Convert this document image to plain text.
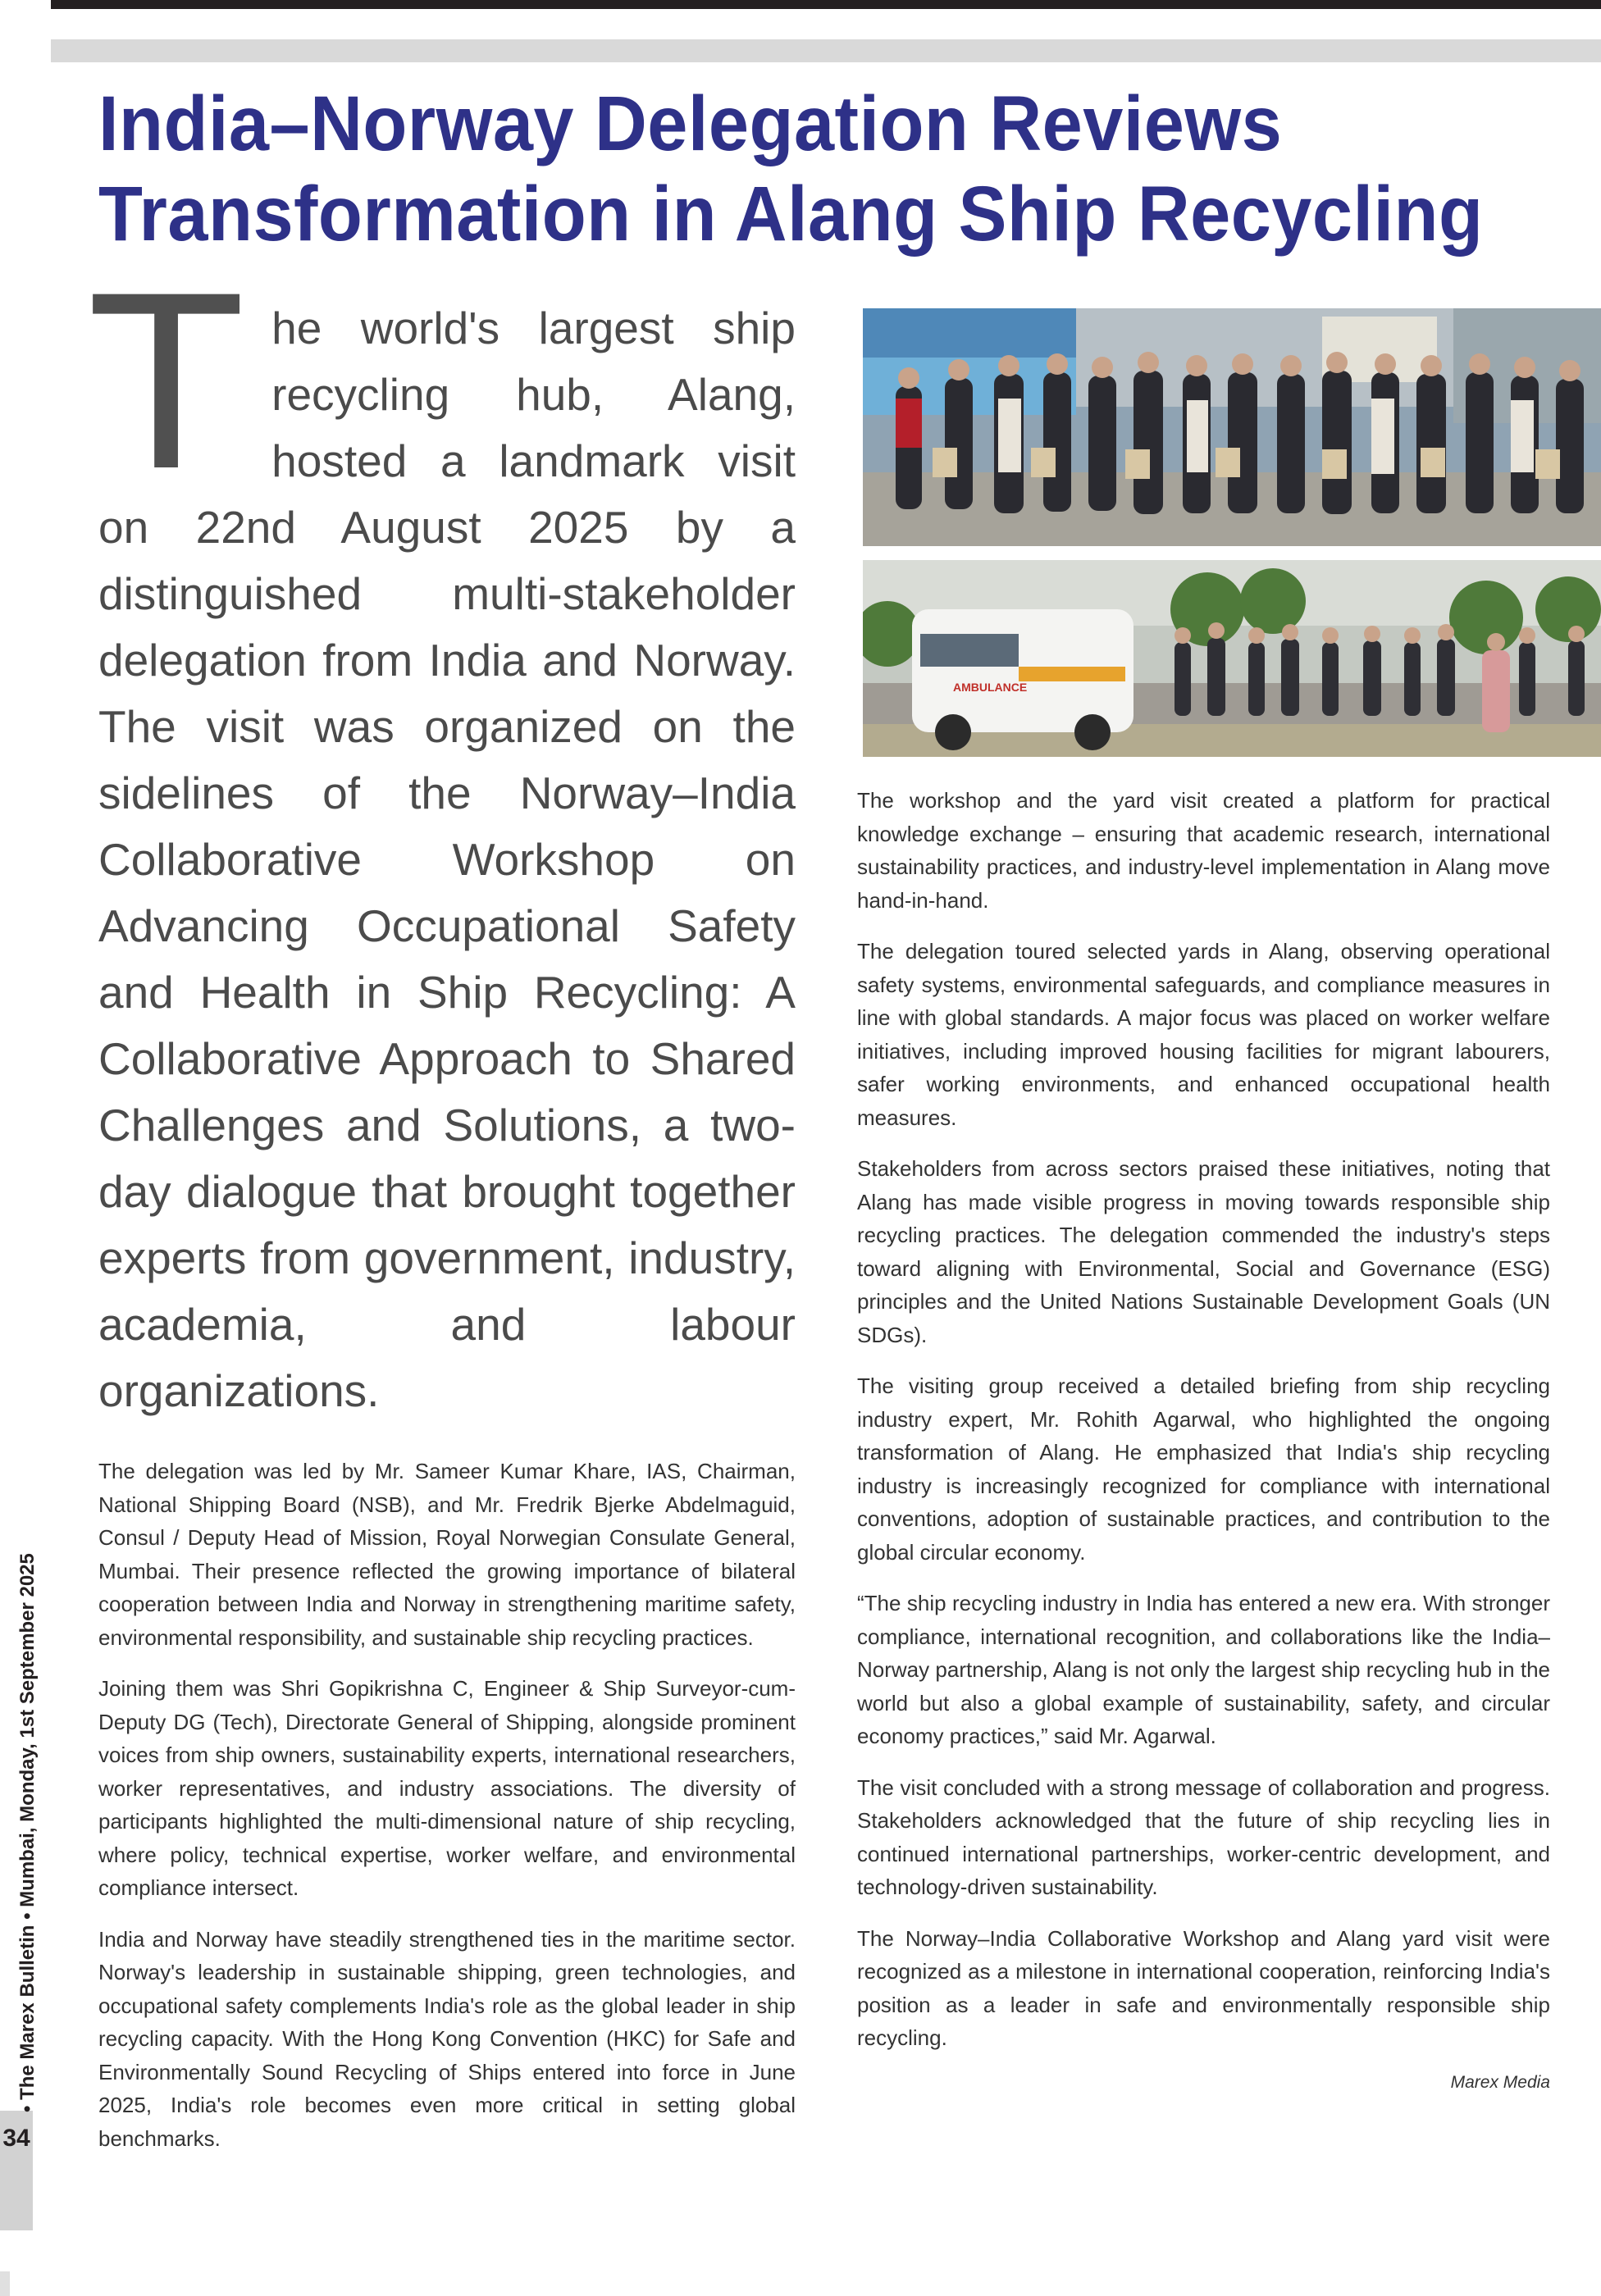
India–Norway Delegation Reviews
Transformation in Alang Ship Recycling

The world's largest ship recycling hub, Alang, hosted a landmark visit on 22nd August 2025 by a distinguished multi-stakeholder delegation from India and Norway. The visit was organized on the sidelines of the Norway–India Collaborative Workshop on Advancing Occupational Safety and Health in Ship Recycling: A Collaborative Approach to Shared Challenges and Solutions, a two-day dialogue that brought together experts from government, industry, academia, and labour organizations.

The delegation was led by Mr. Sameer Kumar Khare, IAS, Chairman, National Shipping Board (NSB), and Mr. Fredrik Bjerke Abdelmaguid, Consul / Deputy Head of Mission, Royal Norwegian Consulate General, Mumbai. Their presence reflected the growing importance of bilateral cooperation between India and Norway in strengthening maritime safety, environmental responsibility, and sustainable ship recycling practices.

Joining them was Shri Gopikrishna C, Engineer & Ship Surveyor-cum-Deputy DG (Tech), Directorate General of Shipping, alongside prominent voices from ship owners, sustainability experts, international researchers, worker representatives, and industry associations. The diversity of participants highlighted the multi-dimensional nature of ship recycling, where policy, technical expertise, worker welfare, and environmental compliance intersect.

India and Norway have steadily strengthened ties in the maritime sector. Norway's leadership in sustainable shipping, green technologies, and occupational safety complements India's role as the global leader in ship recycling capacity. With the Hong Kong Convention (HKC) for Safe and Environmentally Sound Recycling of Ships entered into force in June 2025, India's role becomes even more critical in setting global benchmarks.

AMBULANCE

The workshop and the yard visit created a platform for practical knowledge exchange – ensuring that academic research, international sustainability practices, and industry-level implementation in Alang move hand-in-hand.

The delegation toured selected yards in Alang, observing operational safety systems, environmental safeguards, and compliance measures in line with global standards. A major focus was placed on worker welfare initiatives, including improved housing facilities for migrant labourers, safer working environments, and enhanced occupational health measures.

Stakeholders from across sectors praised these initiatives, noting that Alang has made visible progress in moving towards responsible ship recycling practices. The delegation commended the industry's steps toward aligning with Environmental, Social and Governance (ESG) principles and the United Nations Sustainable Development Goals (UN SDGs).

The visiting group received a detailed briefing from ship recycling industry expert, Mr. Rohith Agarwal, who highlighted the ongoing transformation of Alang. He emphasized that India's ship recycling industry is increasingly recognized for compliance with international conventions, adoption of sustainable practices, and contribution to the global circular economy.

“The ship recycling industry in India has entered a new era. With stronger compliance, international recognition, and collaborations like the India–Norway partnership, Alang is not only the largest ship recycling hub in the world but also a global example of sustainability, safety, and circular economy practices,” said Mr. Agarwal.

The visit concluded with a strong message of collaboration and progress. Stakeholders acknowledged that the future of ship recycling lies in continued international partnerships, worker-centric development, and technology-driven sustainability.

The Norway–India Collaborative Workshop and Alang yard visit were recognized as a milestone in international cooperation, reinforcing India's position as a leader in safe and environmentally responsible ship recycling.

Marex Media

• The Marex Bulletin • Mumbai, Monday, 1st September 2025
34
